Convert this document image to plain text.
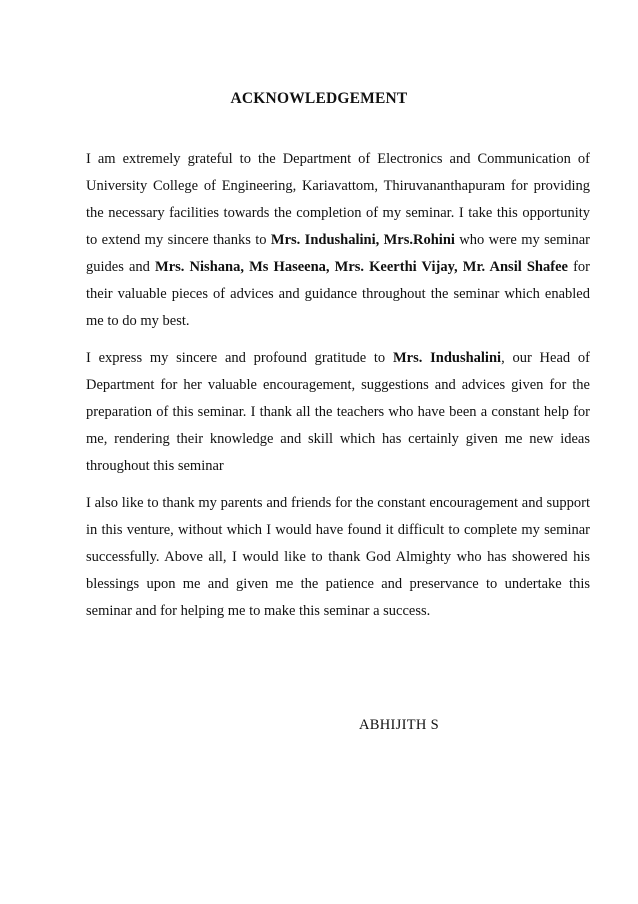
ACKNOWLEDGEMENT

I am extremely grateful to the Department of Electronics and Communication of University College of Engineering, Kariavattom, Thiruvananthapuram for providing the necessary facilities towards the completion of my seminar. I take this opportunity to extend my sincere thanks to Mrs. Indushalini, Mrs.Rohini who were my seminar guides and Mrs. Nishana, Ms Haseena, Mrs. Keerthi Vijay, Mr. Ansil Shafee for their valuable pieces of advices and guidance throughout the seminar which enabled me to do my best.

I express my sincere and profound gratitude to Mrs. Indushalini, our Head of Department for her valuable encouragement, suggestions and advices given for the preparation of this seminar. I thank all the teachers who have been a constant help for me, rendering their knowledge and skill which has certainly given me new ideas throughout this seminar

I also like to thank my parents and friends for the constant encouragement and support in this venture, without which I would have found it difficult to complete my seminar successfully. Above all, I would like to thank God Almighty who has showered his blessings upon me and given me the patience and preservance to undertake this seminar and for helping me to make this seminar a success.

ABHIJITH S
